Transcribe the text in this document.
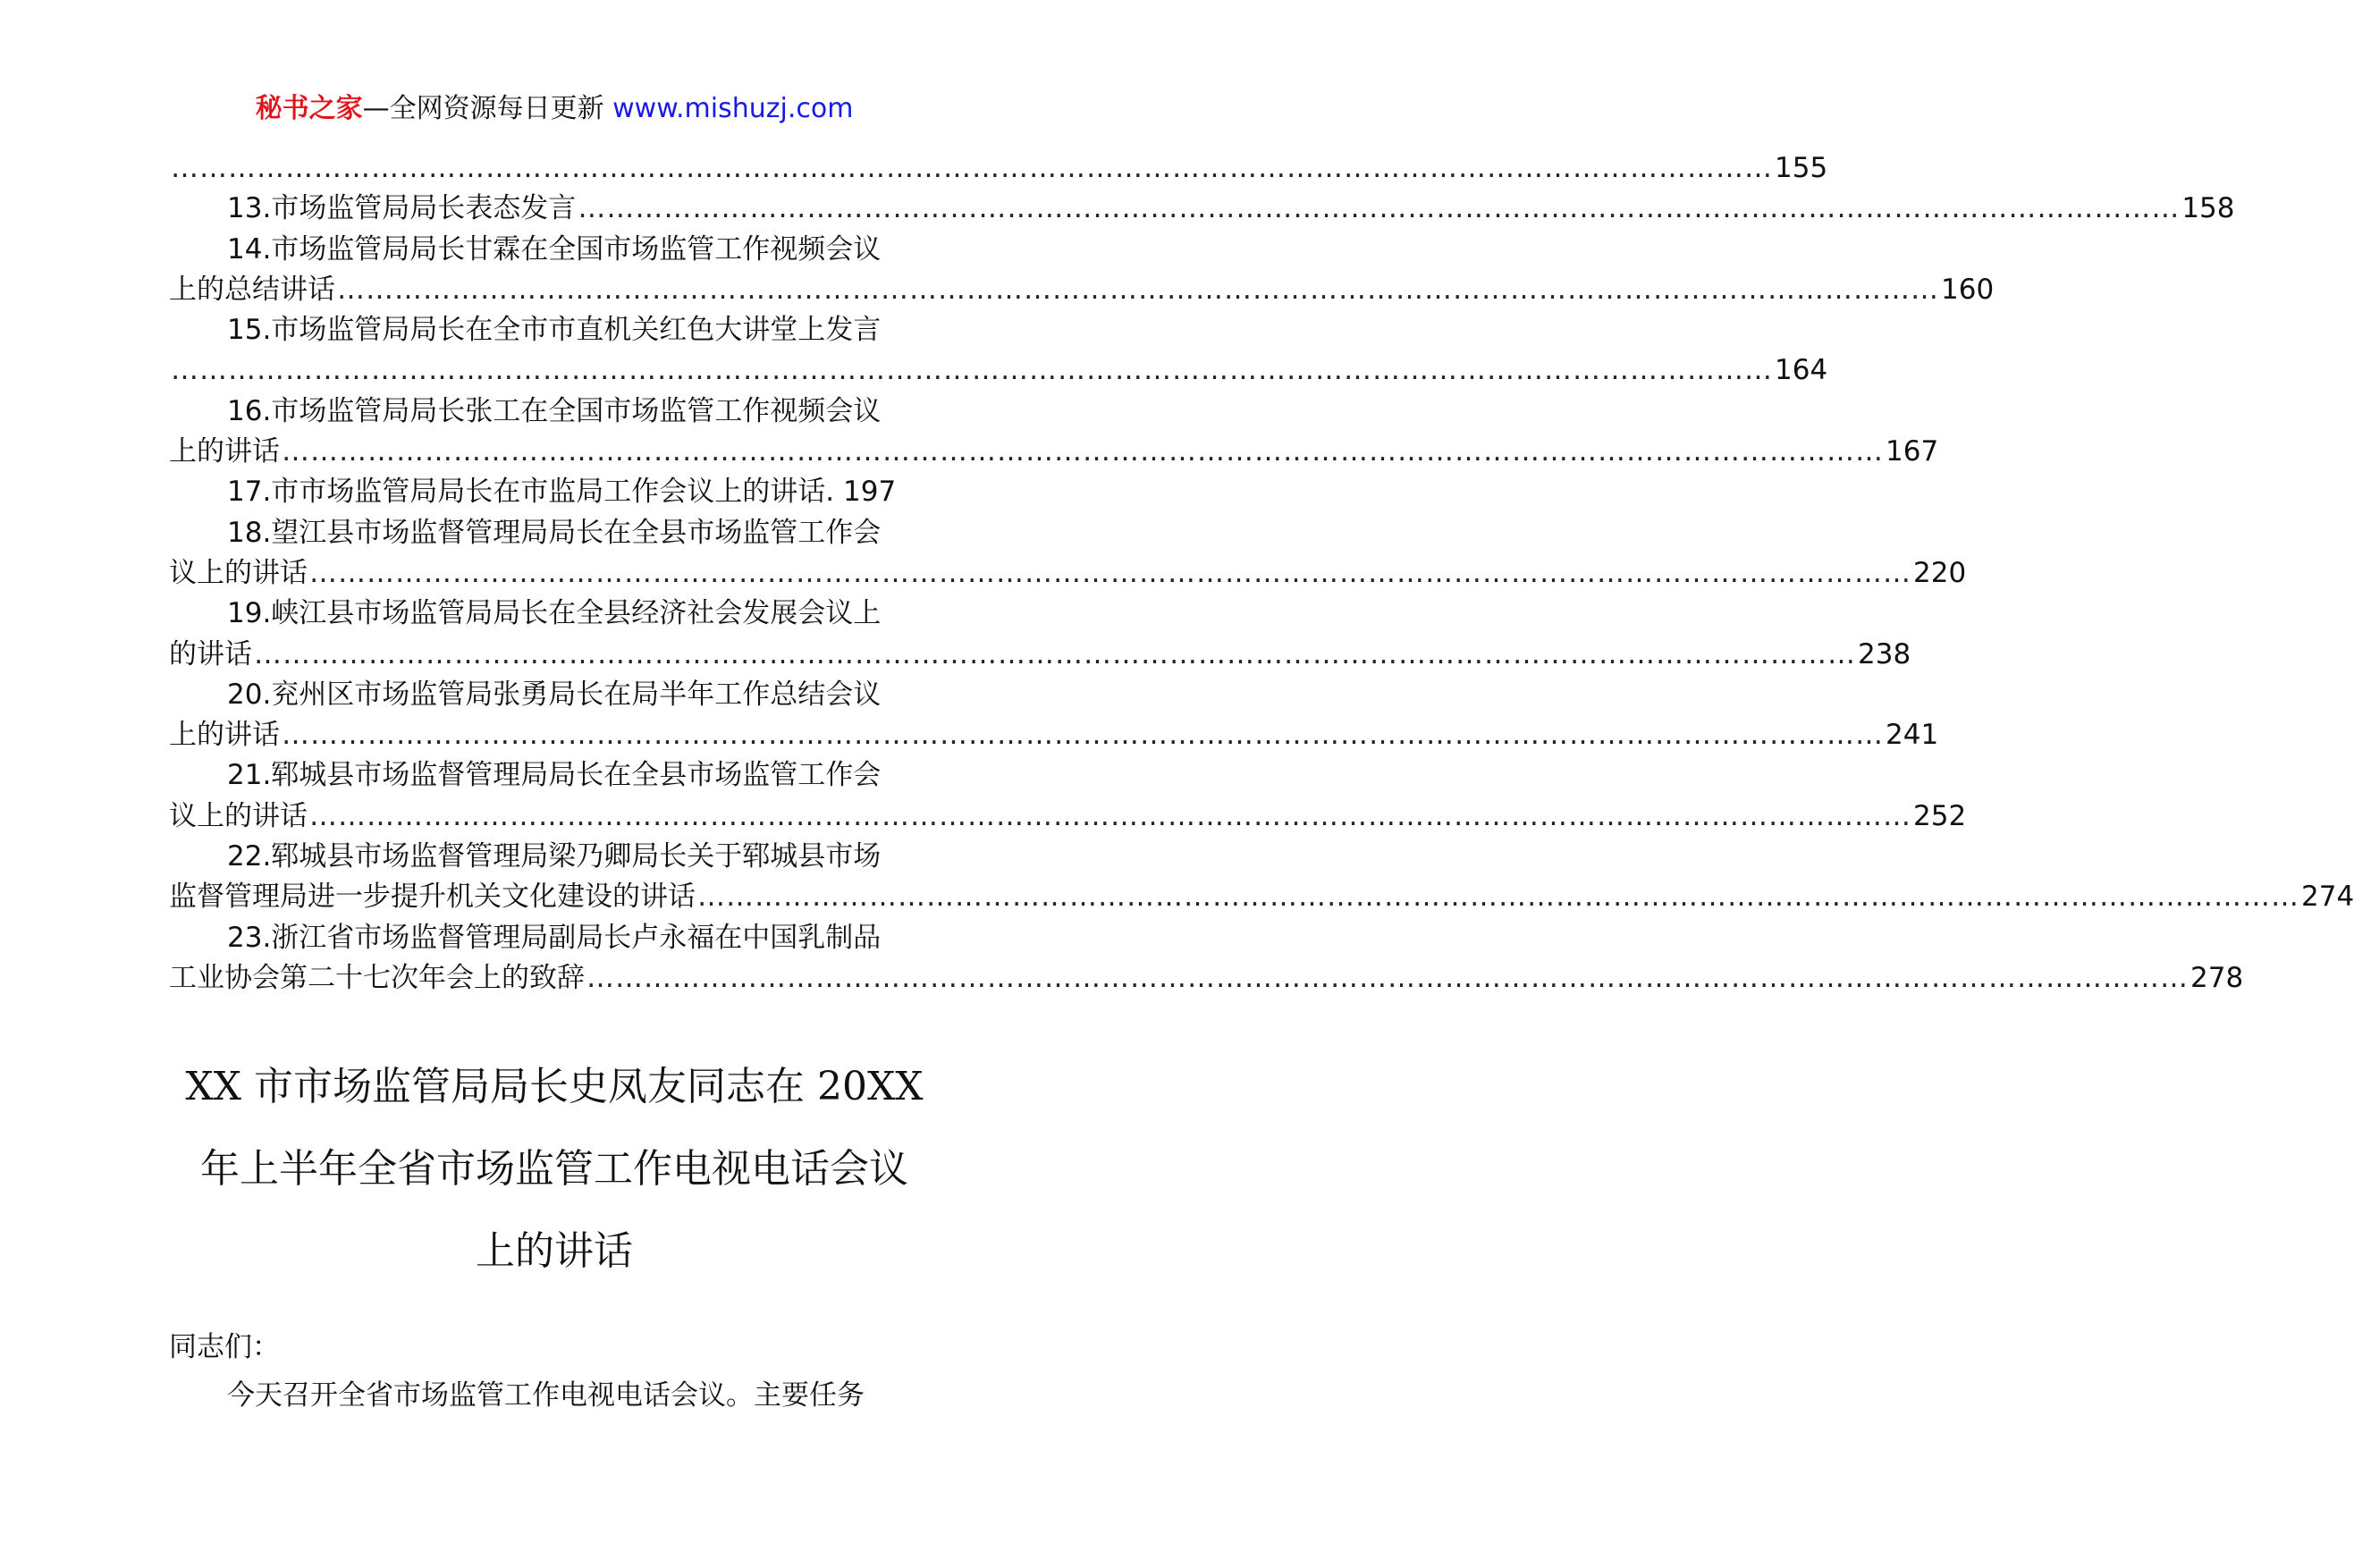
秘书之家—全网资源每日更新 www.mishuzj.com
…………………………………………………………………………………………………………………………………………………… 155
13.市场监管局局长表态发言 …………………………………………………………………………………………………………………………………………………… 158
14.市场监管局局长甘霖在全国市场监管工作视频会议
上的总结讲话 …………………………………………………………………………………………………………………………………………………… 160
15.市场监管局局长在全市市直机关红色大讲堂上发言
…………………………………………………………………………………………………………………………………………………… 164
16.市场监管局局长张工在全国市场监管工作视频会议
上的讲话 …………………………………………………………………………………………………………………………………………………… 167
17.市市场监管局局长在市监局工作会议上的讲话. 197
18.望江县市场监督管理局局长在全县市场监管工作会
议上的讲话 …………………………………………………………………………………………………………………………………………………… 220
19.峡江县市场监管局局长在全县经济社会发展会议上
的讲话 …………………………………………………………………………………………………………………………………………………… 238
20.兖州区市场监管局张勇局长在局半年工作总结会议
上的讲话 …………………………………………………………………………………………………………………………………………………… 241
21.郓城县市场监督管理局局长在全县市场监管工作会
议上的讲话 …………………………………………………………………………………………………………………………………………………… 252
22.郓城县市场监督管理局梁乃卿局长关于郓城县市场
监督管理局进一步提升机关文化建设的讲话 …………………………………………………………………………………………………………………………………………………… 274
23.浙江省市场监督管理局副局长卢永福在中国乳制品
工业协会第二十七次年会上的致辞 …………………………………………………………………………………………………………………………………………………… 278
XX 市市场监管局局长史凤友同志在 20XX
年上半年全省市场监管工作电视电话会议
上的讲话
同志们：
今天召开全省市场监管工作电视电话会议。主要任务
